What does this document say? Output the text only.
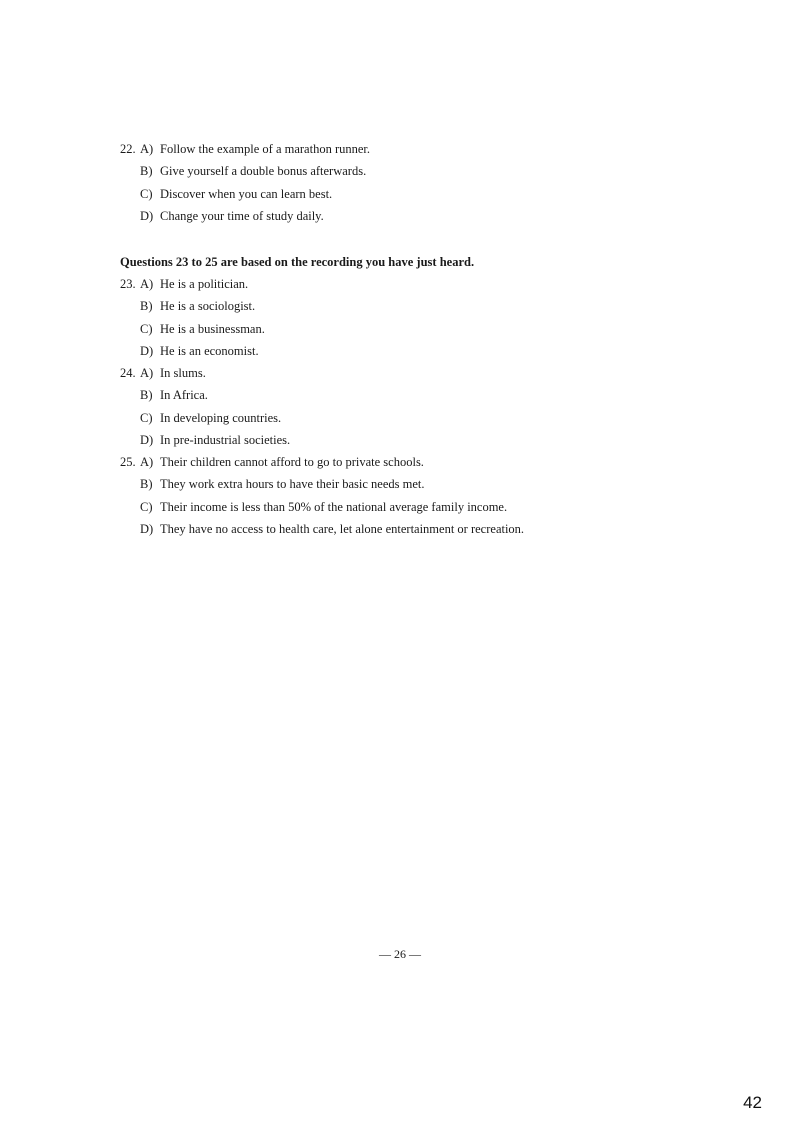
22. A) Follow the example of a marathon runner.
B) Give yourself a double bonus afterwards.
C) Discover when you can learn best.
D) Change your time of study daily.
Questions 23 to 25 are based on the recording you have just heard.
23. A) He is a politician.
B) He is a sociologist.
C) He is a businessman.
D) He is an economist.
24. A) In slums.
B) In Africa.
C) In developing countries.
D) In pre-industrial societies.
25. A) Their children cannot afford to go to private schools.
B) They work extra hours to have their basic needs met.
C) Their income is less than 50% of the national average family income.
D) They have no access to health care, let alone entertainment or recreation.
— 26 —
42
